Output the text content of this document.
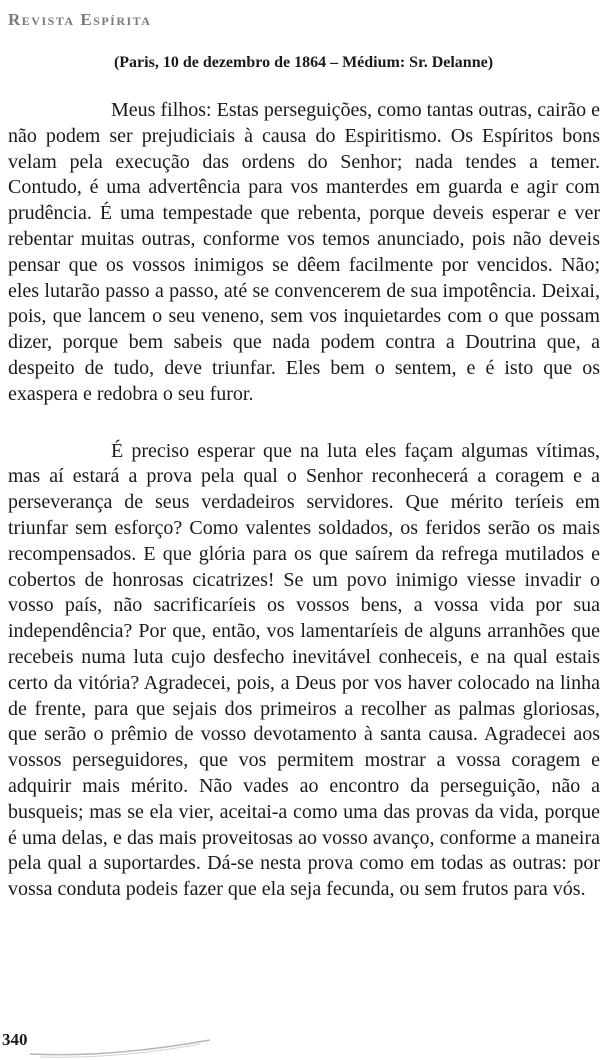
Revista Espírita
(Paris, 10 de dezembro de 1864 – Médium: Sr. Delanne)

Meus filhos: Estas perseguições, como tantas outras, cairão e não podem ser prejudiciais à causa do Espiritismo. Os Espíritos bons velam pela execução das ordens do Senhor; nada tendes a temer. Contudo, é uma advertência para vos manterdes em guarda e agir com prudência. É uma tempestade que rebenta, porque deveis esperar e ver rebentar muitas outras, conforme vos temos anunciado, pois não deveis pensar que os vossos inimigos se dêem facilmente por vencidos. Não; eles lutarão passo a passo, até se convencerem de sua impotência. Deixai, pois, que lancem o seu veneno, sem vos inquietardes com o que possam dizer, porque bem sabeis que nada podem contra a Doutrina que, a despeito de tudo, deve triunfar. Eles bem o sentem, e é isto que os exaspera e redobra o seu furor.

É preciso esperar que na luta eles façam algumas vítimas, mas aí estará a prova pela qual o Senhor reconhecerá a coragem e a perseverança de seus verdadeiros servidores. Que mérito teríeis em triunfar sem esforço? Como valentes soldados, os feridos serão os mais recompensados. E que glória para os que saírem da refrega mutilados e cobertos de honrosas cicatrizes! Se um povo inimigo viesse invadir o vosso país, não sacrificaríeis os vossos bens, a vossa vida por sua independência? Por que, então, vos lamentaríeis de alguns arranhões que recebeis numa luta cujo desfecho inevitável conheceis, e na qual estais certo da vitória? Agradecei, pois, a Deus por vos haver colocado na linha de frente, para que sejais dos primeiros a recolher as palmas gloriosas, que serão o prêmio de vosso devotamento à santa causa. Agradecei aos vossos perseguidores, que vos permitem mostrar a vossa coragem e adquirir mais mérito. Não vades ao encontro da perseguição, não a busqueis; mas se ela vier, aceitai-a como uma das provas da vida, porque é uma delas, e das mais proveitosas ao vosso avanço, conforme a maneira pela qual a suportardes. Dá-se nesta prova como em todas as outras: por vossa conduta podeis fazer que ela seja fecunda, ou sem frutos para vós.

340
